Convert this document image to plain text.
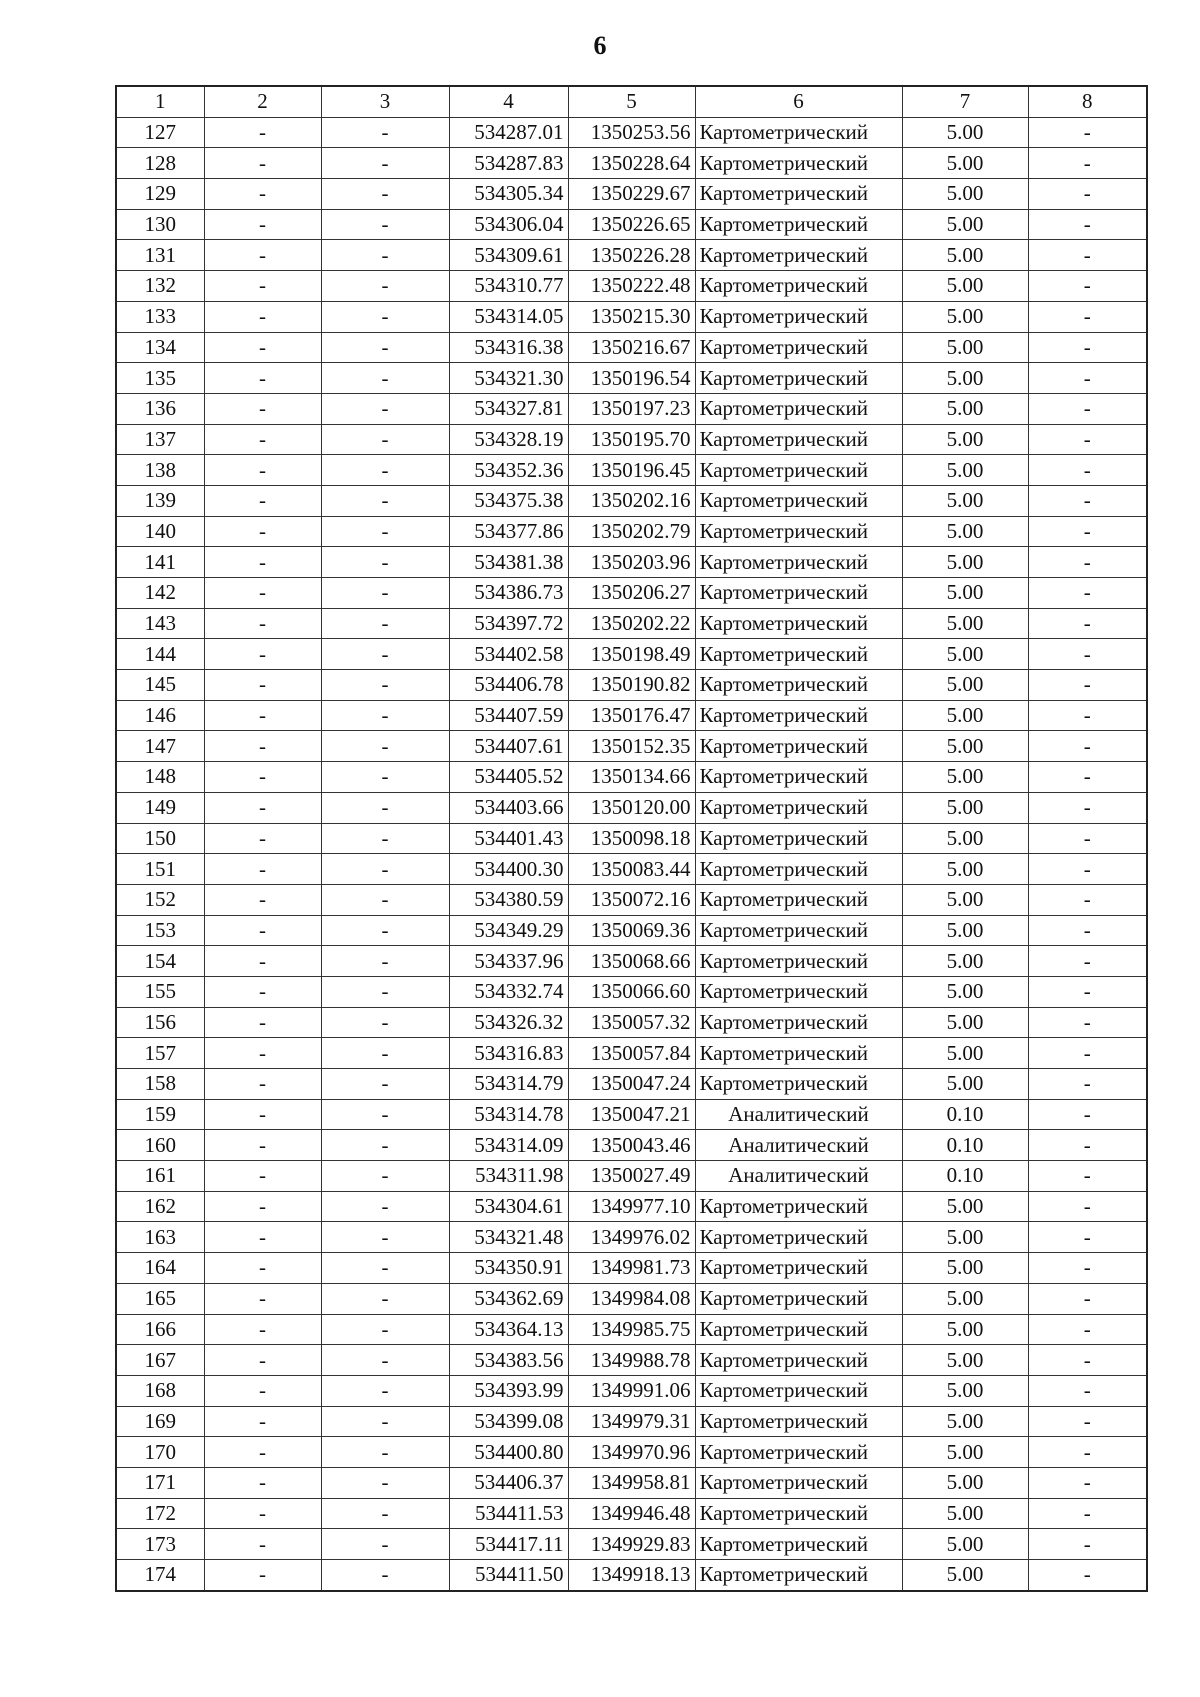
6
1	2	3	4	5	6	7	8
127	-	-	534287.01	1350253.56	Картометрический	5.00	-
128	-	-	534287.83	1350228.64	Картометрический	5.00	-
129	-	-	534305.34	1350229.67	Картометрический	5.00	-
130	-	-	534306.04	1350226.65	Картометрический	5.00	-
131	-	-	534309.61	1350226.28	Картометрический	5.00	-
132	-	-	534310.77	1350222.48	Картометрический	5.00	-
133	-	-	534314.05	1350215.30	Картометрический	5.00	-
134	-	-	534316.38	1350216.67	Картометрический	5.00	-
135	-	-	534321.30	1350196.54	Картометрический	5.00	-
136	-	-	534327.81	1350197.23	Картометрический	5.00	-
137	-	-	534328.19	1350195.70	Картометрический	5.00	-
138	-	-	534352.36	1350196.45	Картометрический	5.00	-
139	-	-	534375.38	1350202.16	Картометрический	5.00	-
140	-	-	534377.86	1350202.79	Картометрический	5.00	-
141	-	-	534381.38	1350203.96	Картометрический	5.00	-
142	-	-	534386.73	1350206.27	Картометрический	5.00	-
143	-	-	534397.72	1350202.22	Картометрический	5.00	-
144	-	-	534402.58	1350198.49	Картометрический	5.00	-
145	-	-	534406.78	1350190.82	Картометрический	5.00	-
146	-	-	534407.59	1350176.47	Картометрический	5.00	-
147	-	-	534407.61	1350152.35	Картометрический	5.00	-
148	-	-	534405.52	1350134.66	Картометрический	5.00	-
149	-	-	534403.66	1350120.00	Картометрический	5.00	-
150	-	-	534401.43	1350098.18	Картометрический	5.00	-
151	-	-	534400.30	1350083.44	Картометрический	5.00	-
152	-	-	534380.59	1350072.16	Картометрический	5.00	-
153	-	-	534349.29	1350069.36	Картометрический	5.00	-
154	-	-	534337.96	1350068.66	Картометрический	5.00	-
155	-	-	534332.74	1350066.60	Картометрический	5.00	-
156	-	-	534326.32	1350057.32	Картометрический	5.00	-
157	-	-	534316.83	1350057.84	Картометрический	5.00	-
158	-	-	534314.79	1350047.24	Картометрический	5.00	-
159	-	-	534314.78	1350047.21	Аналитический	0.10	-
160	-	-	534314.09	1350043.46	Аналитический	0.10	-
161	-	-	534311.98	1350027.49	Аналитический	0.10	-
162	-	-	534304.61	1349977.10	Картометрический	5.00	-
163	-	-	534321.48	1349976.02	Картометрический	5.00	-
164	-	-	534350.91	1349981.73	Картометрический	5.00	-
165	-	-	534362.69	1349984.08	Картометрический	5.00	-
166	-	-	534364.13	1349985.75	Картометрический	5.00	-
167	-	-	534383.56	1349988.78	Картометрический	5.00	-
168	-	-	534393.99	1349991.06	Картометрический	5.00	-
169	-	-	534399.08	1349979.31	Картометрический	5.00	-
170	-	-	534400.80	1349970.96	Картометрический	5.00	-
171	-	-	534406.37	1349958.81	Картометрический	5.00	-
172	-	-	534411.53	1349946.48	Картометрический	5.00	-
173	-	-	534417.11	1349929.83	Картометрический	5.00	-
174	-	-	534411.50	1349918.13	Картометрический	5.00	-
